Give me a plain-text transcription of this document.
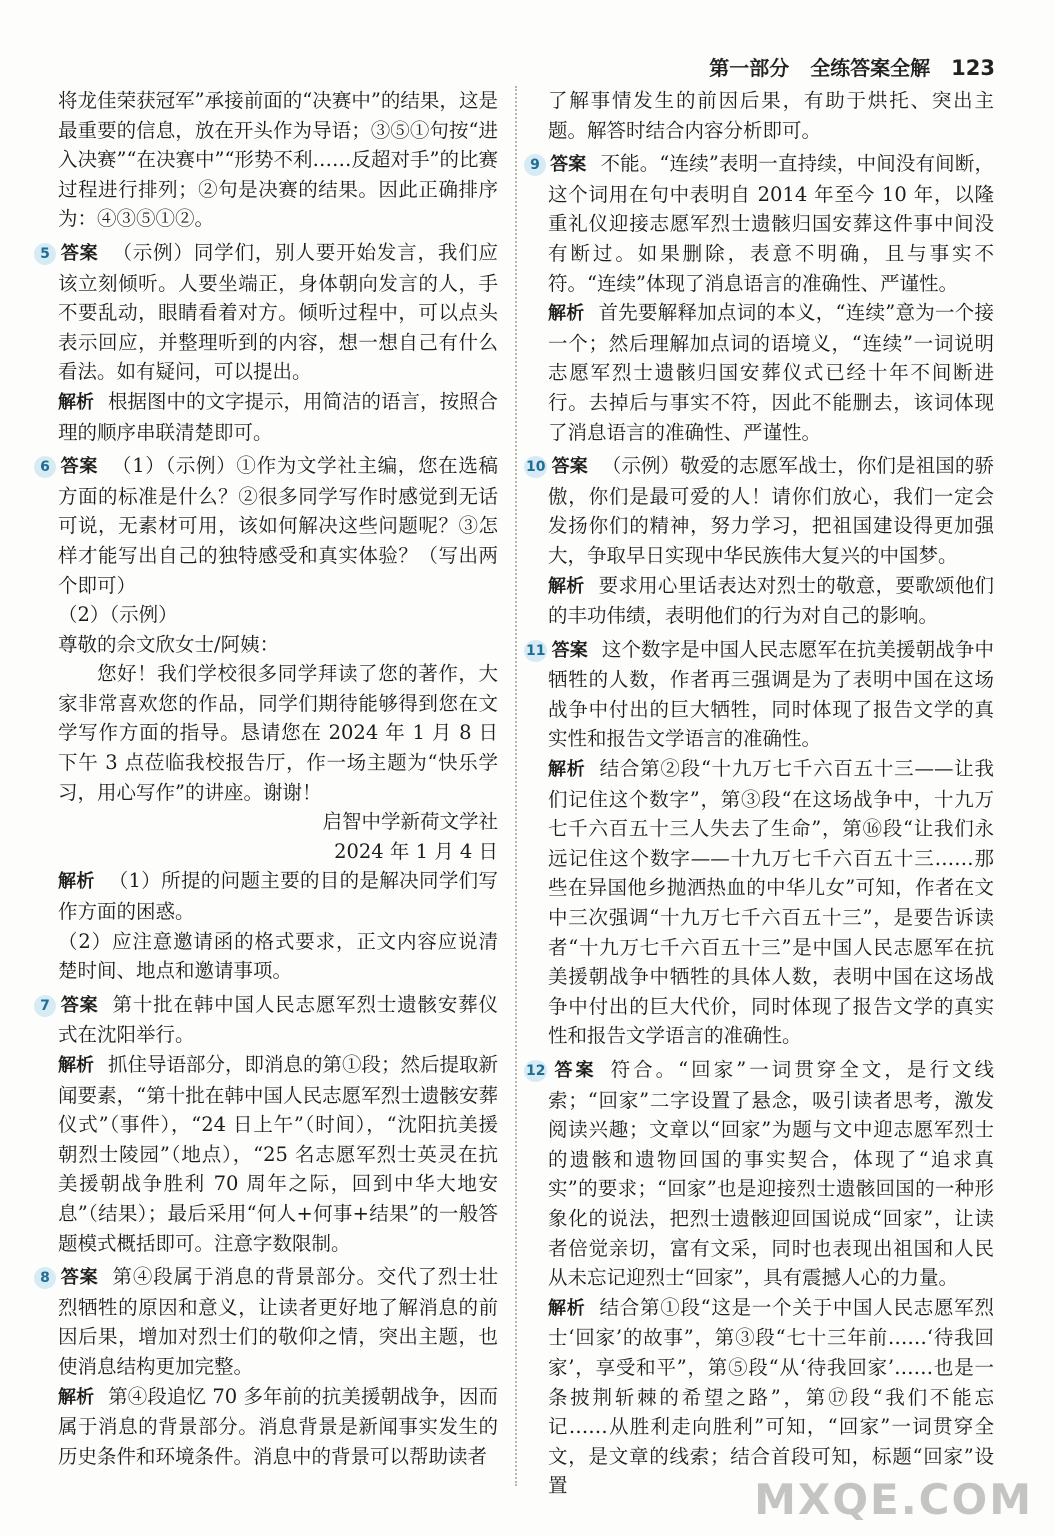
第一部分 全练答案全解 123

将龙佳荣获冠军”承接前面的“决赛中”的结果，这是最重要的信息，放在开头作为导语；③⑤①句按“进入决赛”“在决赛中”“形势不利……反超对手”的比赛过程进行排列；②句是决赛的结果。因此正确排序为：④③⑤①②。

5 答案 （示例）同学们，别人要开始发言，我们应该立刻倾听。人要坐端正，身体朝向发言的人，手不要乱动，眼睛看着对方。倾听过程中，可以点头表示回应，并整理听到的内容，想一想自己有什么看法。如有疑问，可以提出。

解析 根据图中的文字提示，用简洁的语言，按照合理的顺序串联清楚即可。

6 答案 （1）（示例）①作为文学社主编，您在选稿方面的标准是什么？②很多同学写作时感觉到无话可说，无素材可用，该如何解决这些问题呢？③怎样才能写出自己的独特感受和真实体验？（写出两个即可）

（2）（示例）

尊敬的佘文欣女士/阿姨：

您好！我们学校很多同学拜读了您的著作，大家非常喜欢您的作品，同学们期待能够得到您在文学写作方面的指导。恳请您在 2024 年 1 月 8 日下午 3 点莅临我校报告厅，作一场主题为“快乐学习，用心写作”的讲座。谢谢！

启智中学新荷文学社

2024 年 1 月 4 日

解析 （1）所提的问题主要的目的是解决同学们写作方面的困惑。

（2）应注意邀请函的格式要求，正文内容应说清楚时间、地点和邀请事项。

7 答案 第十批在韩中国人民志愿军烈士遗骸安葬仪式在沈阳举行。

解析 抓住导语部分，即消息的第①段；然后提取新闻要素，“第十批在韩中国人民志愿军烈士遗骸安葬仪式”（事件），“24 日上午”（时间），“沈阳抗美援朝烈士陵园”（地点），“25 名志愿军烈士英灵在抗美援朝战争胜利 70 周年之际，回到中华大地安息”（结果）；最后采用“何人+何事+结果”的一般答题模式概括即可。注意字数限制。

8 答案 第④段属于消息的背景部分。交代了烈士壮烈牺牲的原因和意义，让读者更好地了解消息的前因后果，增加对烈士们的敬仰之情，突出主题，也使消息结构更加完整。

解析 第④段追忆 70 多年前的抗美援朝战争，因而属于消息的背景部分。消息背景是新闻事实发生的历史条件和环境条件。消息中的背景可以帮助读者

了解事情发生的前因后果，有助于烘托、突出主题。解答时结合内容分析即可。

9 答案 不能。“连续”表明一直持续，中间没有间断，这个词用在句中表明自 2014 年至今 10 年，以隆重礼仪迎接志愿军烈士遗骸归国安葬这件事中间没有断过。如果删除，表意不明确，且与事实不符。“连续”体现了消息语言的准确性、严谨性。

解析 首先要解释加点词的本义，“连续”意为一个接一个；然后理解加点词的语境义，“连续”一词说明志愿军烈士遗骸归国安葬仪式已经十年不间断进行。去掉后与事实不符，因此不能删去，该词体现了消息语言的准确性、严谨性。

10 答案 （示例）敬爱的志愿军战士，你们是祖国的骄傲，你们是最可爱的人！请你们放心，我们一定会发扬你们的精神，努力学习，把祖国建设得更加强大，争取早日实现中华民族伟大复兴的中国梦。

解析 要求用心里话表达对烈士的敬意，要歌颂他们的丰功伟绩，表明他们的行为对自己的影响。

11 答案 这个数字是中国人民志愿军在抗美援朝战争中牺牲的人数，作者再三强调是为了表明中国在这场战争中付出的巨大牺牲，同时体现了报告文学的真实性和报告文学语言的准确性。

解析 结合第②段“十九万七千六百五十三——让我们记住这个数字”，第③段“在这场战争中，十九万七千六百五十三人失去了生命”，第⑯段“让我们永远记住这个数字——十九万七千六百五十三……那些在异国他乡抛洒热血的中华儿女”可知，作者在文中三次强调“十九万七千六百五十三”，是要告诉读者“十九万七千六百五十三”是中国人民志愿军在抗美援朝战争中牺牲的具体人数，表明中国在这场战争中付出的巨大代价，同时体现了报告文学的真实性和报告文学语言的准确性。

12 答案 符合。“回家”一词贯穿全文，是行文线索；“回家”二字设置了悬念，吸引读者思考，激发阅读兴趣；文章以“回家”为题与文中迎志愿军烈士的遗骸和遗物回国的事实契合，体现了“追求真实”的要求；“回家”也是迎接烈士遗骸回国的一种形象化的说法，把烈士遗骸迎回国说成“回家”，让读者倍觉亲切，富有文采，同时也表现出祖国和人民从未忘记迎烈士“回家”，具有震撼人心的力量。

解析 结合第①段“这是一个关于中国人民志愿军烈士‘回家’的故事”，第③段“七十三年前……‘待我回家’，享受和平”，第⑤段“从‘待我回家’……也是一条披荆斩棘的希望之路”，第⑰段“我们不能忘记……从胜利走向胜利”可知，“回家”一词贯穿全文，是文章的线索；结合首段可知，标题“回家”设置	MXQE.COM
